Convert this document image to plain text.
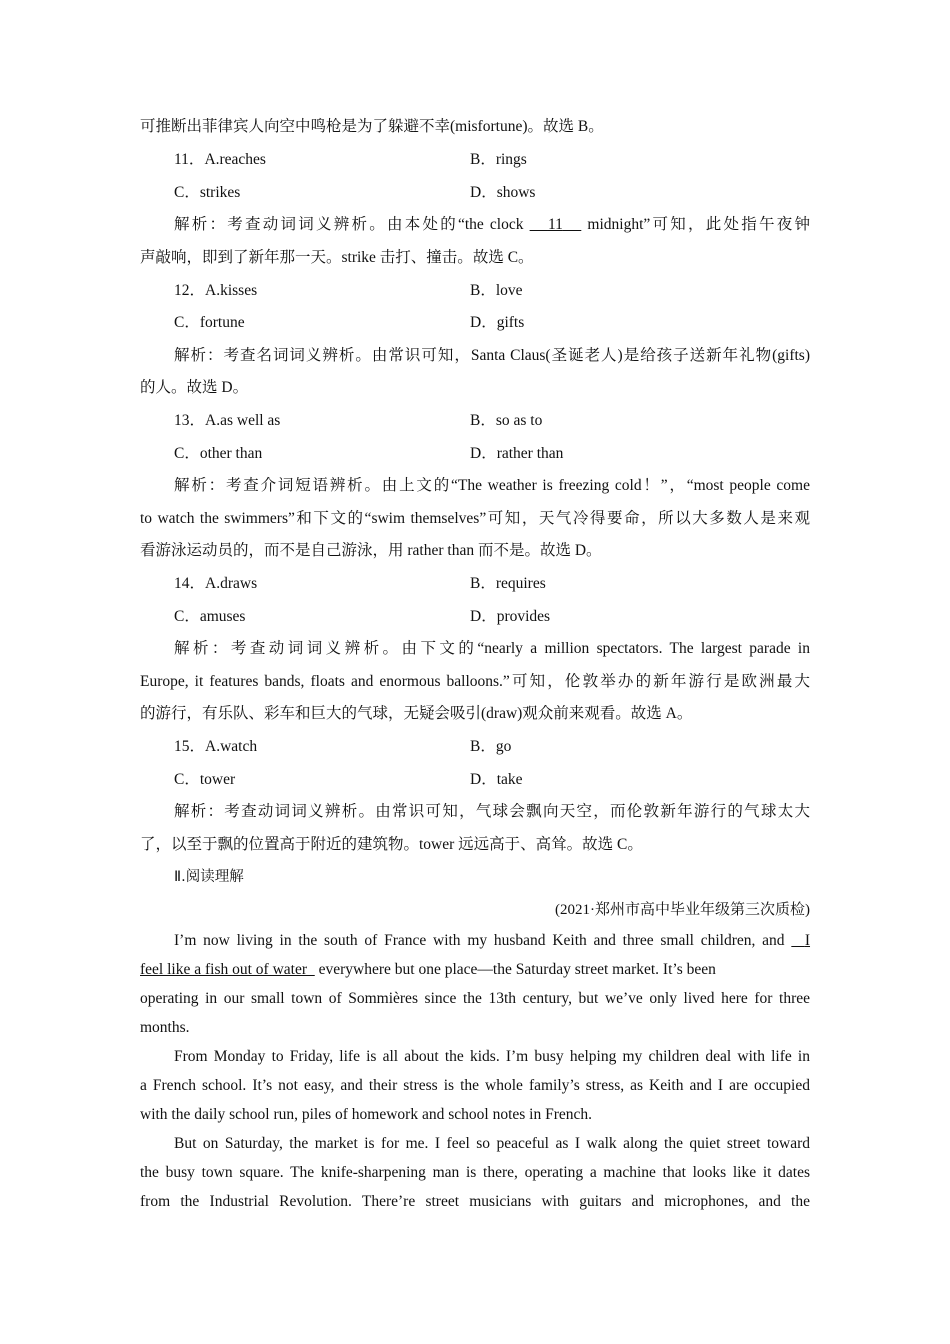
可推断出菲律宾人向空中鸣枪是为了躲避不幸(misfortune)。故选 B。
11．A.reaches	B．rings
C．strikes	D．shows
解析：考查动词词义辨析。由本处的“the clock    11    midnight”可知，此处指午夜钟
声敲响，即到了新年那一天。strike 击打、撞击。故选 C。
12．A.kisses	B．love
C．fortune	D．gifts
解析：考查名词词义辨析。由常识可知，Santa Claus(圣诞老人)是给孩子送新年礼物(gifts)
的人。故选 D。
13．A.as well as	B．so as to
C．other than	D．rather than
解析：考查介词短语辨析。由上文的“The weather is freezing cold！”，“most people come
to watch the swimmers”和下文的“swim themselves”可知，天气冷得要命，所以大多数人是来观
看游泳运动员的，而不是自己游泳，用 rather than 而不是。故选 D。
14．A.draws	B．requires
C．amuses	D．provides
解析：考查动词词义辨析。由下文的“nearly a million spectators. The largest parade in
Europe, it features bands, floats and enormous balloons.”可知，伦敦举办的新年游行是欧洲最大
的游行，有乐队、彩车和巨大的气球，无疑会吸引(draw)观众前来观看。故选 A。
15．A.watch	B．go
C．tower	D．take
解析：考查动词词义辨析。由常识可知，气球会飘向天空，而伦敦新年游行的气球太大
了，以至于飘的位置高于附近的建筑物。tower 远远高于、高耸。故选 C。
Ⅱ.阅读理解
(2021·郑州市高中毕业年级第三次质检)
I’m now living in the south of France with my husband Keith and three small children, and   I
feel like a fish out of water   everywhere but one place—the Saturday street market. It’s been
operating in our small town of Sommières since the 13th century, but we’ve only lived here for three
months.
From Monday to Friday, life is all about the kids. I’m busy helping my children deal with life in
a French school. It’s not easy, and their stress is the whole family’s stress, as Keith and I are occupied
with the daily school run, piles of homework and school notes in French.
But on Saturday, the market is for me. I feel so peaceful as I walk along the quiet street toward
the busy town square. The knife-sharpening man is there, operating a machine that looks like it dates
from the Industrial Revolution. There’re street musicians with guitars and microphones, and the
